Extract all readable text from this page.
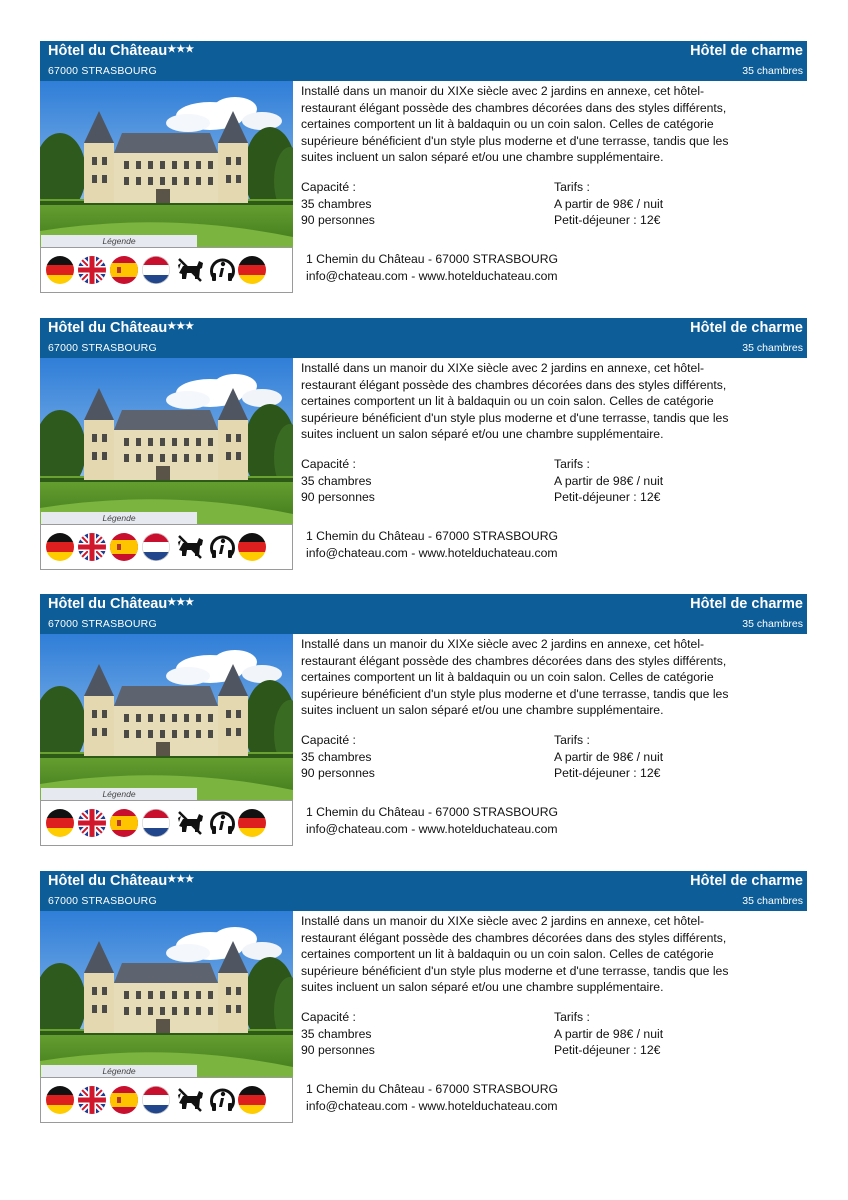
Hôtel du Château★★★
67000 STRASBOURG
Hôtel de charme
35 chambres
Légende
Installé dans un manoir du XIXe siècle avec 2 jardins en annexe, cet hôtel-
restaurant élégant possède des chambres décorées dans des styles différents,
certaines comportent un lit à baldaquin ou un coin salon. Celles de catégorie
supérieure bénéficient d'un style plus moderne et d'une terrasse, tandis que les
suites incluent un salon séparé et/ou une chambre supplémentaire.
Capacité :
35 chambres
90 personnes
Tarifs :
A partir de 98€ / nuit
Petit-déjeuner : 12€
1 Chemin du Château - 67000 STRASBOURG
info@chateau.com - www.hotelduchateau.com
Hôtel du Château★★★
67000 STRASBOURG
Hôtel de charme
35 chambres
Légende
Installé dans un manoir du XIXe siècle avec 2 jardins en annexe, cet hôtel-
restaurant élégant possède des chambres décorées dans des styles différents,
certaines comportent un lit à baldaquin ou un coin salon. Celles de catégorie
supérieure bénéficient d'un style plus moderne et d'une terrasse, tandis que les
suites incluent un salon séparé et/ou une chambre supplémentaire.
Capacité :
35 chambres
90 personnes
Tarifs :
A partir de 98€ / nuit
Petit-déjeuner : 12€
1 Chemin du Château - 67000 STRASBOURG
info@chateau.com - www.hotelduchateau.com
Hôtel du Château★★★
67000 STRASBOURG
Hôtel de charme
35 chambres
Légende
Installé dans un manoir du XIXe siècle avec 2 jardins en annexe, cet hôtel-
restaurant élégant possède des chambres décorées dans des styles différents,
certaines comportent un lit à baldaquin ou un coin salon. Celles de catégorie
supérieure bénéficient d'un style plus moderne et d'une terrasse, tandis que les
suites incluent un salon séparé et/ou une chambre supplémentaire.
Capacité :
35 chambres
90 personnes
Tarifs :
A partir de 98€ / nuit
Petit-déjeuner : 12€
1 Chemin du Château - 67000 STRASBOURG
info@chateau.com - www.hotelduchateau.com
Hôtel du Château★★★
67000 STRASBOURG
Hôtel de charme
35 chambres
Légende
Installé dans un manoir du XIXe siècle avec 2 jardins en annexe, cet hôtel-
restaurant élégant possède des chambres décorées dans des styles différents,
certaines comportent un lit à baldaquin ou un coin salon. Celles de catégorie
supérieure bénéficient d'un style plus moderne et d'une terrasse, tandis que les
suites incluent un salon séparé et/ou une chambre supplémentaire.
Capacité :
35 chambres
90 personnes
Tarifs :
A partir de 98€ / nuit
Petit-déjeuner : 12€
1 Chemin du Château - 67000 STRASBOURG
info@chateau.com - www.hotelduchateau.com
